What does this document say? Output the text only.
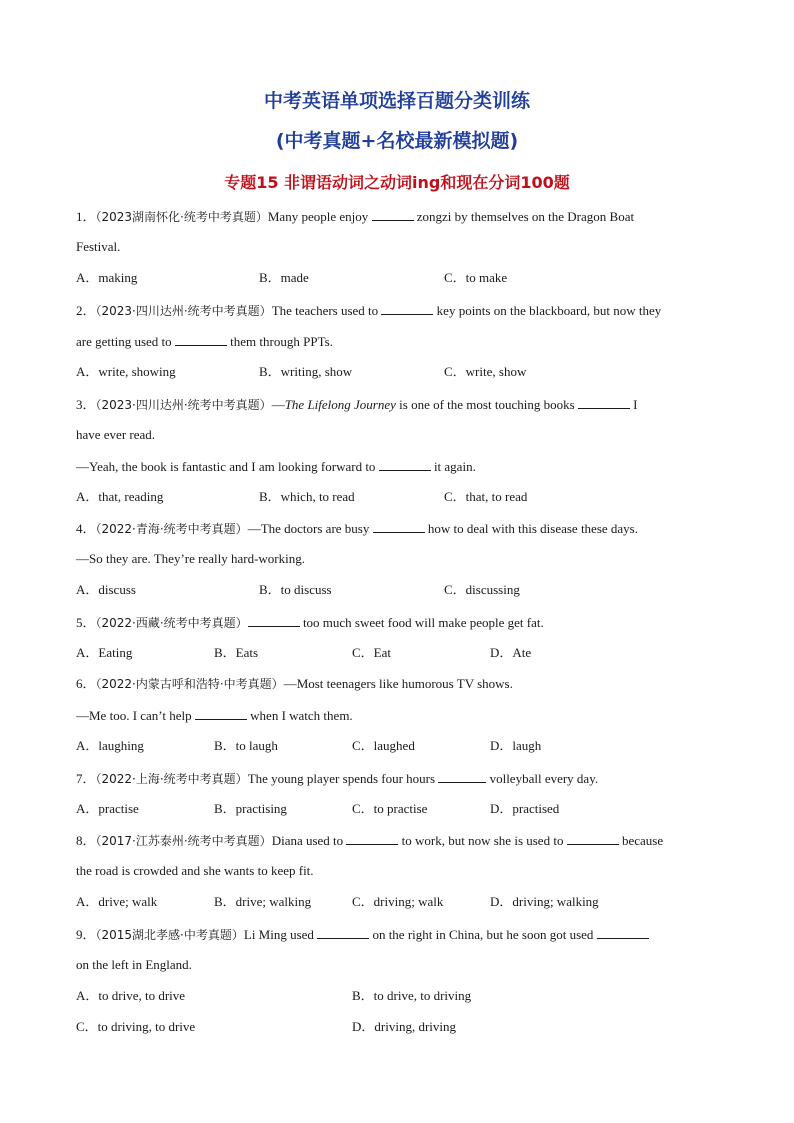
中考英语单项选择百题分类训练
(中考真题+名校最新模拟题)
专题15 非谓语动词之动词ing和现在分词100题
1．（2023湖南怀化·统考中考真题）Many people enjoy	zongzi by themselves on the Dragon Boat
Festival.
A．making	B．made	C．to make
2．（2023·四川达州·统考中考真题）The teachers used to	key points on the blackboard, but now they
are getting used to	them through PPTs.
A．write, showing	B．writing, show	C．write, show
3．（2023·四川达州·统考中考真题）—The Lifelong Journey is one of the most touching books	I
have ever read.
—Yeah, the book is fantastic and I am looking forward to	it again.
A．that, reading	B．which, to read	C．that, to read
4．（2022·青海·统考中考真题）—The doctors are busy	how to deal with this disease these days.
—So they are. They’re really hard-working.
A．discuss	B．to discuss	C．discussing
5．（2022·西藏·统考中考真题）	too much sweet food will make people get fat.
A．Eating	B．Eats	C．Eat	D．Ate
6．（2022·内蒙古呼和浩特·中考真题）—Most teenagers like humorous TV shows.
—Me too. I can’t help	when I watch them.
A．laughing	B．to laugh	C．laughed	D．laugh
7．（2022·上海·统考中考真题）The young player spends four hours	volleyball every day.
A．practise	B．practising	C．to practise	D．practised
8．（2017·江苏泰州·统考中考真题）Diana used to	to work, but now she is used to	because
the road is crowded and she wants to keep fit.
A．drive; walk	B．drive; walking	C．driving; walk	D．driving; walking
9．（2015湖北孝感·中考真题）Li Ming used	on the right in China, but he soon got used
on the left in England.
A．to drive, to drive	B．to drive, to driving
C．to driving, to drive	D．driving, driving
